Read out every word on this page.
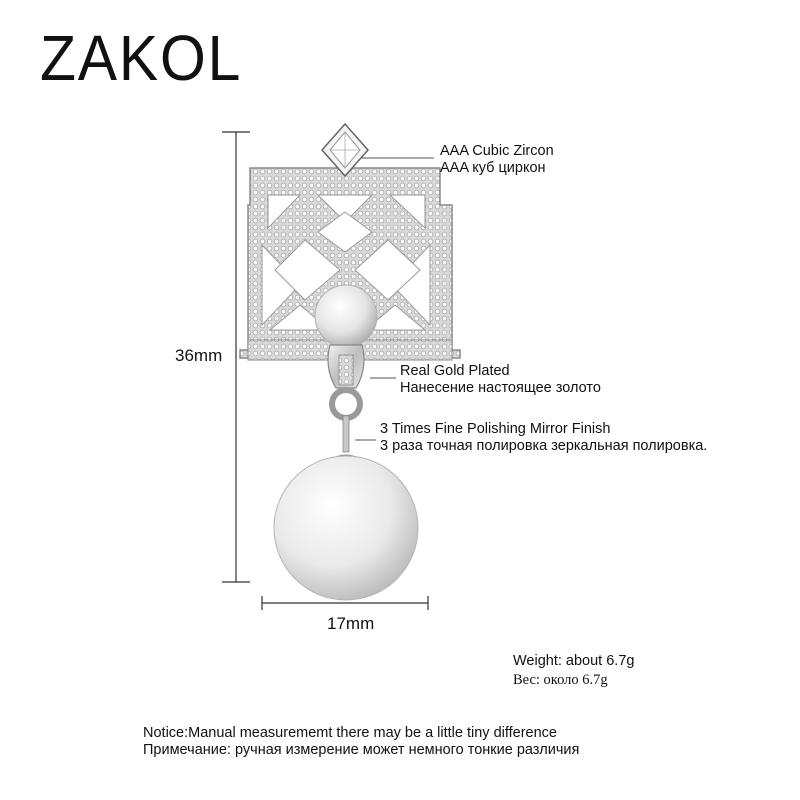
ZAKOL
AAA Cubic Zircon
AAA куб циркон
Real Gold Plated
Нанесение настоящее золото
3 Times Fine Polishing Mirror Finish
3 раза точная полировка зеркальная полировка.
36mm
17mm
Weight: about 6.7g
Вес: около 6.7g
Notice:Manual measurememt there may be a little tiny difference
Примечание: ручная измерение может немного тонкие различия
